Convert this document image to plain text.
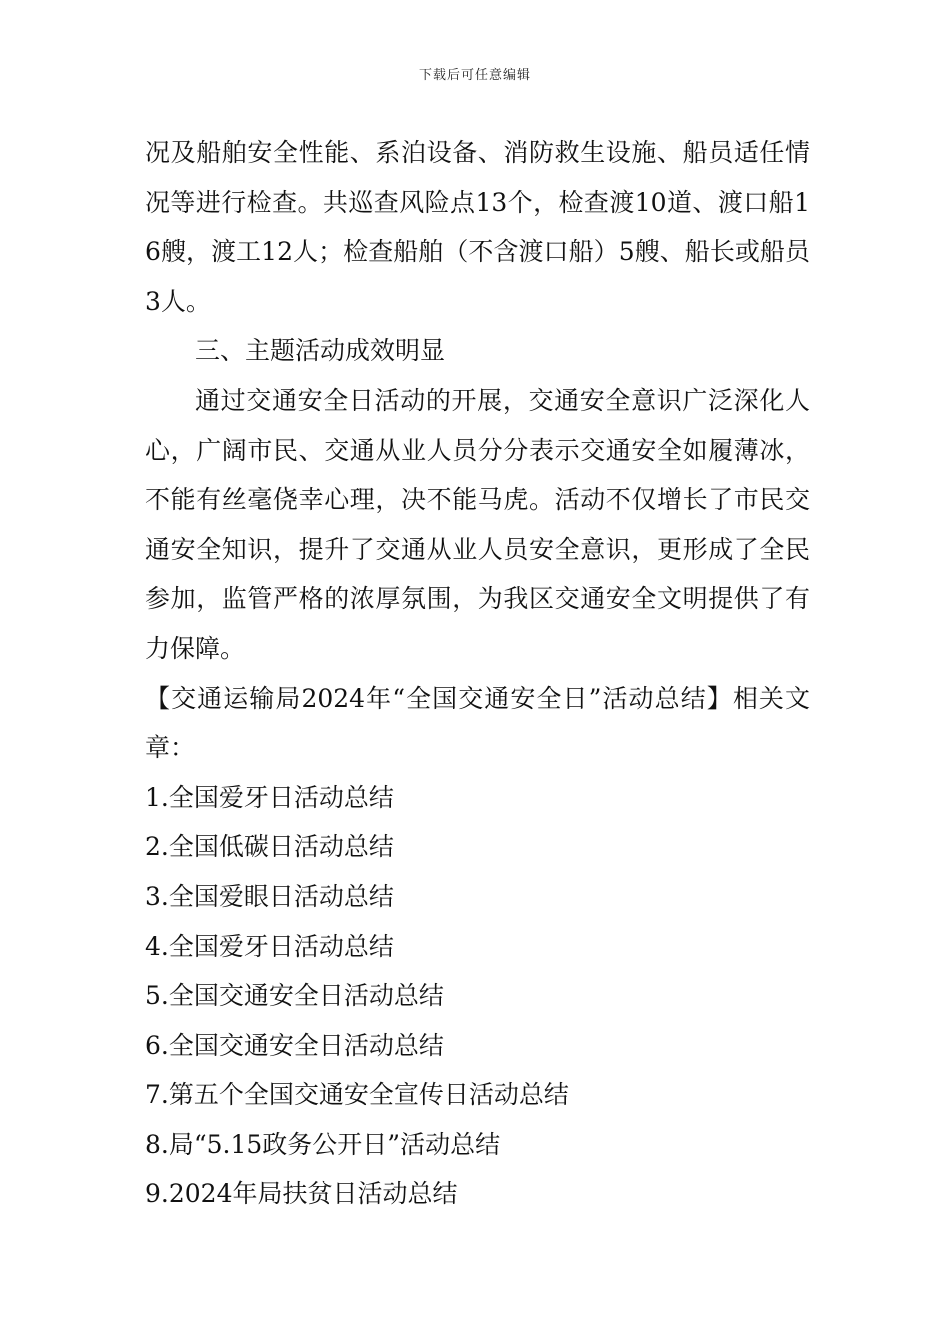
下载后可任意编辑

况及船舶安全性能、系泊设备、消防救生设施、船员适任情况等进行检查。共巡查风险点13个，检查渡10道、渡口船16艘，渡工12人；检查船舶（不含渡口船）5艘、船长或船员3人。

三、主题活动成效明显

通过交通安全日活动的开展，交通安全意识广泛深化人心，广阔市民、交通从业人员分分表示交通安全如履薄冰，不能有丝毫侥幸心理，决不能马虎。活动不仅增长了市民交通安全知识，提升了交通从业人员安全意识，更形成了全民参加，监管严格的浓厚氛围，为我区交通安全文明提供了有力保障。

【交通运输局2024年“全国交通安全日”活动总结】相关文章：

1.全国爱牙日活动总结
2.全国低碳日活动总结
3.全国爱眼日活动总结
4.全国爱牙日活动总结
5.全国交通安全日活动总结
6.全国交通安全日活动总结
7.第五个全国交通安全宣传日活动总结
8.局“5.15政务公开日”活动总结
9.2024年局扶贫日活动总结
